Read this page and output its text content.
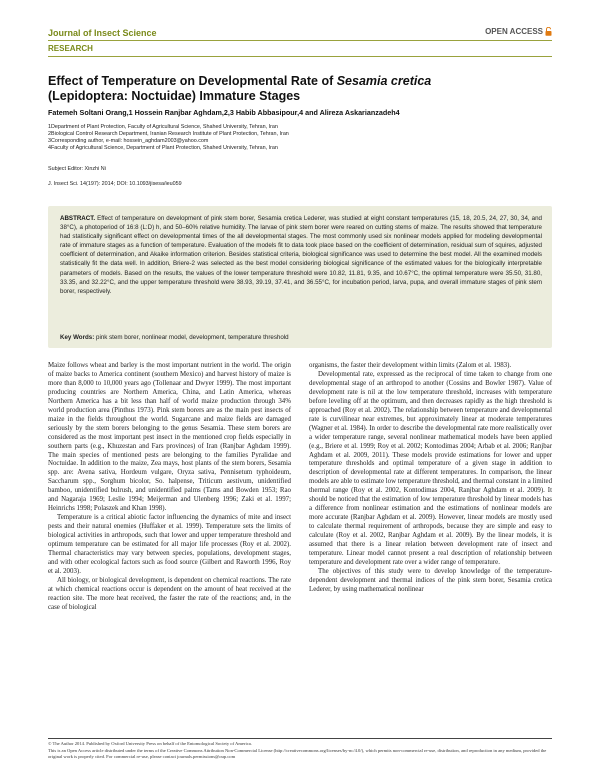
Journal of Insect Science	OPEN ACCESS
RESEARCH
Effect of Temperature on Developmental Rate of Sesamia cretica
(Lepidoptera: Noctuidae) Immature Stages
Fatemeh Soltani Orang,1 Hossein Ranjbar Aghdam,2,3 Habib Abbasipour,4 and Alireza Askarianzadeh4
1Department of Plant Protection, Faculty of Agricultural Science, Shahed University, Tehran, Iran
2Biological Control Research Department, Iranian Research Institute of Plant Protection, Tehran, Iran
3Corresponding author, e-mail: hossein_aghdam2003@yahoo.com
4Faculty of Agricultural Science, Department of Plant Protection, Shahed University, Tehran, Iran
Subject Editor: Xinzhi Ni
J. Insect Sci. 14(197): 2014; DOI: 10.1093/jisesa/ieu059
ABSTRACT. Effect of temperature on development of pink stem borer, Sesamia cretica Lederer, was studied at eight constant temperatures (15, 18, 20.5, 24, 27, 30, 34, and 38°C), a photoperiod of 16:8 (L:D) h, and 50–60% relative humidity. The larvae of pink stem borer were reared on cutting stems of maize. The results showed that temperature had statistically significant effect on developmental times of the all developmental stages. The most commonly used six nonlinear models applied for modeling developmental rate of immature stages as a function of temperature. Evaluation of the models fit to data took place based on the coefficient of determination, residual sum of squires, adjusted coefficient of determination, and Akaike information criterion. Besides statistical criteria, biological significance was used to determine the best model. All the examined models statistically fit the data well. In addition, Briere-2 was selected as the best model considering biological significance of the estimated values for the biologically interpretable parameters of models. Based on the results, the values of the lower temperature threshold were 10.82, 11.81, 9.35, and 10.67°C, the optimal temperature were 35.50, 31.80, 33.35, and 32.22°C, and the upper temperature threshold were 38.93, 39.19, 37.41, and 36.55°C, for incubation period, larva, pupa, and overall immature stages of pink stem borer, respectively.
Key Words: pink stem borer, nonlinear model, development, temperature threshold

Maize follows wheat and barley is the most important nutrient in the world. The origin of maize backs to America continent (southern Mexico) and harvest history of maize is more than 8,000 to 10,000 years ago (Tollenaar and Dwyer 1999). The most important producing countries are Northern America, China, and Latin America, whereas Northern America has a bit less than half of world maize production through 34% world production area (Pinthus 1973). Pink stem borers are as the main pest insects of maize in the fields throughout the world. Sugarcane and maize fields are damaged seriously by the stem borers belonging to the genus Sesamia. These stem borers are considered as the most important pest insect in the mentioned crop fields especially in southern parts (e.g., Khuzestan and Fars provinces) of Iran (Ranjbar Aghdam 1999). The main species of mentioned pests are belonging to the families Pyralidae and Noctuidae. In addition to the maize, Zea mays, host plants of the stem borers, Sesamia spp. are: Avena sativa, Hordeum vulgare, Oryza sativa, Pennisetum typhoideum, Saccharum spp., Sorghum bicolor, So. halpense, Triticum aestivum, unidentified bamboo, unidentified bulrush, and unidentified palms (Tams and Bowden 1953; Rao and Nagaraja 1969; Leslie 1994; Meijerman and Ulenberg 1996; Zaki et al. 1997; Heinrichs 1998; Polaszek and Khan 1998).

Temperature is a critical abiotic factor influencing the dynamics of mite and insect pests and their natural enemies (Huffaker et al. 1999). Temperature sets the limits of biological activities in arthropods, such that lower and upper temperature threshold and optimum temperature can be estimated for all major life processes (Roy et al. 2002). Thermal characteristics may vary between species, populations, development stages, and with other ecological factors such as food source (Gilbert and Raworth 1996, Roy et al. 2003).

All biology, or biological development, is dependent on chemical reactions. The rate at which chemical reactions occur is dependent on the amount of heat received at the reaction site. The more heat received, the faster the rate of the reactions; and, in the case of biological

organisms, the faster their development within limits (Zalom et al. 1983).

Developmental rate, expressed as the reciprocal of time taken to change from one developmental stage of an arthropod to another (Cossins and Bowler 1987). Value of development rate is nil at the low temperature threshold, increases with temperature before leveling off at the optimum, and then decreases rapidly as the high threshold is approached (Roy et al. 2002). The relationship between temperature and developmental rate is curvilinear near extremes, but approximately linear at moderate temperatures (Wagner et al. 1984). In order to describe the developmental rate more realistically over a wider temperature range, several nonlinear mathematical models have been applied (e.g., Briere et al. 1999; Roy et al. 2002; Kontodimas 2004; Arbab et al. 2006; Ranjbar Aghdam et al. 2009, 2011). These models provide estimations for lower and upper temperature thresholds and optimal temperature of a given stage in addition to description of developmental rate at different temperatures. In comparison, the linear models are able to estimate low temperature threshold, and thermal constant in a limited thermal range (Roy et al. 2002, Kontodimas 2004, Ranjbar Aghdam et al. 2009). It should be noticed that the estimation of low temperature threshold by linear models has a difference from nonlinear estimation and the estimations of nonlinear models are more accurate (Ranjbar Aghdam et al. 2009). However, linear models are mostly used to calculate thermal requirement of arthropods, because they are simple and easy to calculate (Roy et al. 2002, Ranjbar Aghdam et al. 2009). By the linear models, it is assumed that there is a linear relation between development rate of insect and temperature. Linear model cannot present a real description of relationship between temperature and development rate over a wider range of temperature.

The objectives of this study were to develop knowledge of the temperature-dependent development and thermal indices of the pink stem borer, Sesamia cretica Lederer, by using mathematical nonlinear

© The Author 2014. Published by Oxford University Press on behalf of the Entomological Society of America.
This is an Open Access article distributed under the terms of the Creative Commons Attribution Non-Commercial License (http://creativecommons.org/licenses/by-nc/4.0/), which permits non-commercial re-use, distribution, and reproduction in any medium, provided the original work is properly cited. For commercial re-use, please contact journals.permissions@oup.com
